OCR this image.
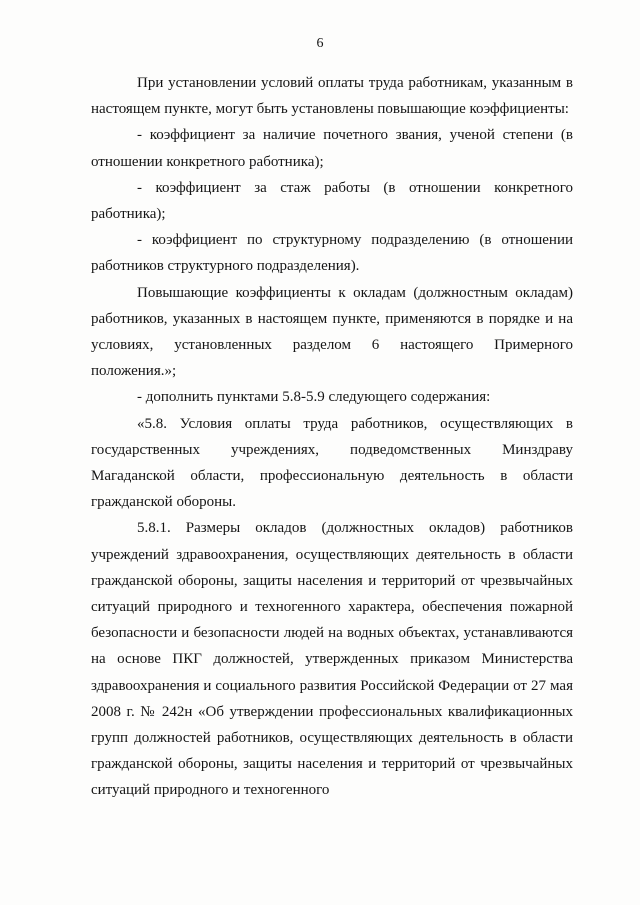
6

При установлении условий оплаты труда работникам, указанным в настоящем пункте, могут быть установлены повышающие коэффициенты:

- коэффициент за наличие почетного звания, ученой степени (в отношении конкретного работника);

- коэффициент за стаж работы (в отношении конкретного работника);

- коэффициент по структурному подразделению (в отношении работников структурного подразделения).

Повышающие коэффициенты к окладам (должностным окладам) работников, указанных в настоящем пункте, применяются в порядке и на условиях, установленных разделом 6 настоящего Примерного положения.»;

- дополнить пунктами 5.8-5.9 следующего содержания:

«5.8. Условия оплаты труда работников, осуществляющих в государственных учреждениях, подведомственных Минздраву Магаданской области, профессиональную деятельность в области гражданской обороны.

5.8.1. Размеры окладов (должностных окладов) работников учреждений здравоохранения, осуществляющих деятельность в области гражданской обороны, защиты населения и территорий от чрезвычайных ситуаций природного и техногенного характера, обеспечения пожарной безопасности и безопасности людей на водных объектах, устанавливаются на основе ПКГ должностей, утвержденных приказом Министерства здравоохранения и социального развития Российской Федерации от 27 мая 2008 г. № 242н «Об утверждении профессиональных квалификационных групп должностей работников, осуществляющих деятельность в области гражданской обороны, защиты населения и территорий от чрезвычайных ситуаций природного и техногенного
